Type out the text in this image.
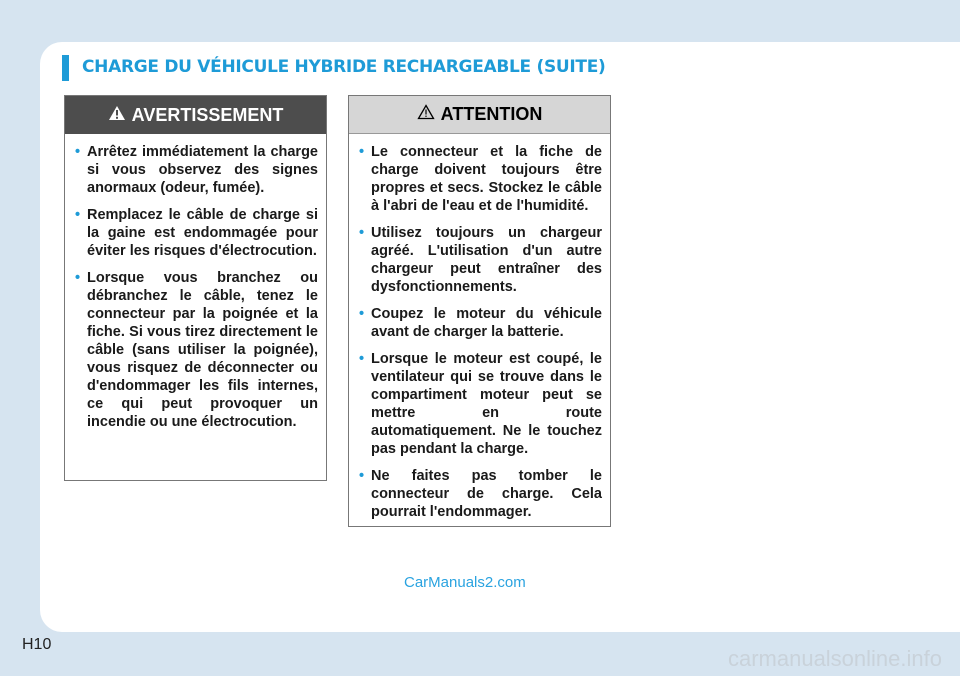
CHARGE DU VÉHICULE HYBRIDE RECHARGEABLE (SUITE)
AVERTISSEMENT
• Arrêtez immédiatement la charge si vous observez des signes anormaux (odeur, fumée).
• Remplacez le câble de charge si la gaine est endommagée pour éviter les risques d'électrocution.
• Lorsque vous branchez ou débranchez le câble, tenez le connecteur par la poignée et la fiche. Si vous tirez directement le câble (sans utiliser la poignée), vous risquez de déconnecter ou d'endommager les fils internes, ce qui peut provoquer un incendie ou une électrocution.
ATTENTION
• Le connecteur et la fiche de charge doivent toujours être propres et secs. Stockez le câble à l'abri de l'eau et de l'humidité.
• Utilisez toujours un chargeur agréé. L'utilisation d'un autre chargeur peut entraîner des dysfonctionnements.
• Coupez le moteur du véhicule avant de charger la batterie.
• Lorsque le moteur est coupé, le ventilateur qui se trouve dans le compartiment moteur peut se mettre en route automatiquement. Ne le touchez pas pendant la charge.
• Ne faites pas tomber le connecteur de charge. Cela pourrait l'endommager.
CarManuals2.com
H10
carmanualsonline.info
